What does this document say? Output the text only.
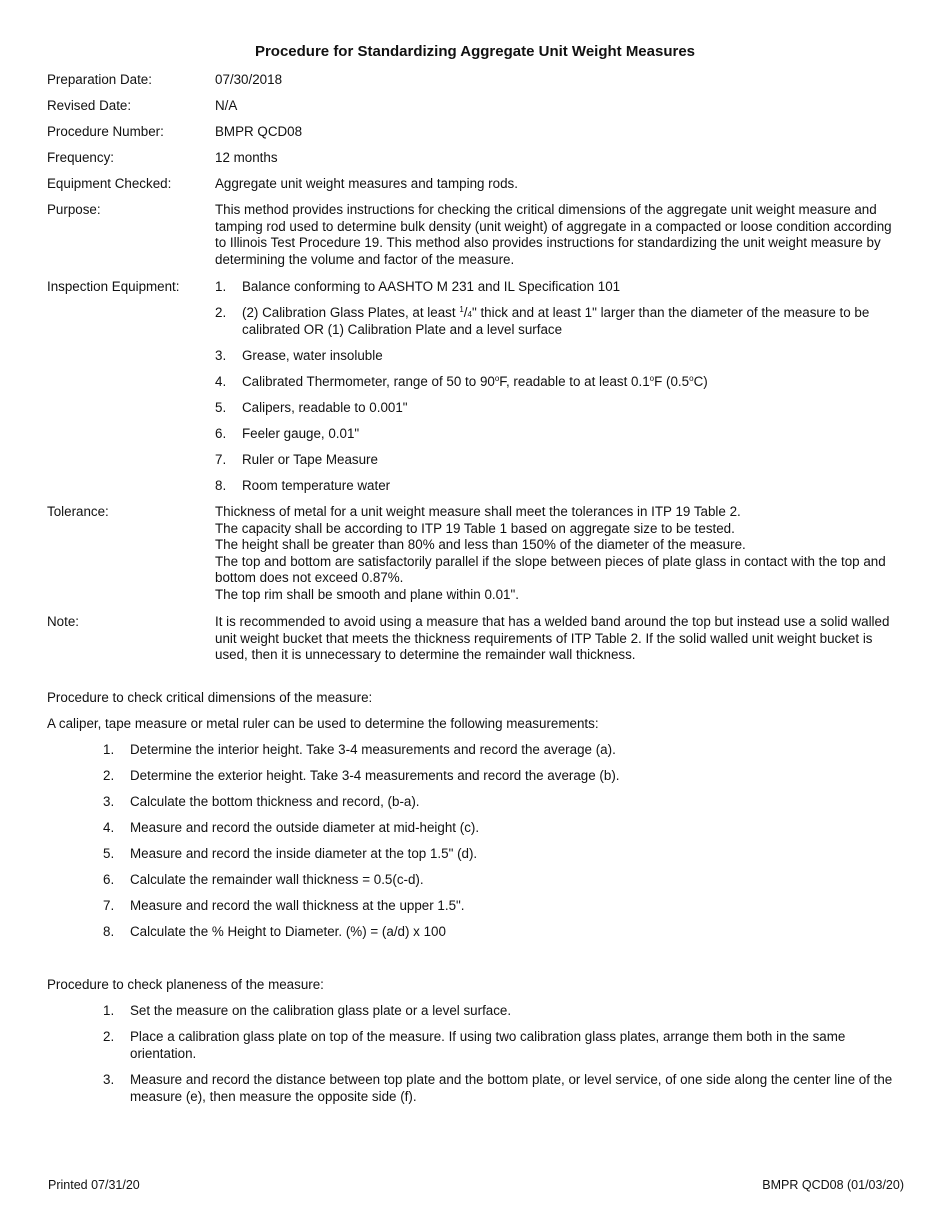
Procedure for Standardizing Aggregate Unit Weight Measures
Preparation Date:	07/30/2018
Revised Date:	N/A
Procedure Number:	BMPR QCD08
Frequency:	12 months
Equipment Checked:	Aggregate unit weight measures and tamping rods.
Purpose:	This method provides instructions for checking the critical dimensions of the aggregate unit weight measure and tamping rod used to determine bulk density (unit weight) of aggregate in a compacted or loose condition according to Illinois Test Procedure 19. This method also provides instructions for standardizing the unit weight measure by determining the volume and factor of the measure.
Inspection Equipment:	1. Balance conforming to AASHTO M 231 and IL Specification 101
2. (2) Calibration Glass Plates, at least $^1$/4" thick and at least 1" larger than the diameter of the measure to be calibrated OR (1) Calibration Plate and a level surface
3. Grease, water insoluble
4. Calibrated Thermometer, range of 50 to 90$^o$F, readable to at least 0.1$^o$F (0.5$^o$C)
5. Calipers, readable to 0.001"
6. Feeler gauge, 0.01"
7. Ruler or Tape Measure
8. Room temperature water
Tolerance:	Thickness of metal for a unit weight measure shall meet the tolerances in ITP 19 Table 2.
The capacity shall be according to ITP 19 Table 1 based on aggregate size to be tested.
The height shall be greater than 80% and less than 150% of the diameter of the measure.
The top and bottom are satisfactorily parallel if the slope between pieces of plate glass in contact with the top and bottom does not exceed 0.87%.
The top rim shall be smooth and plane within 0.01".
Note:	It is recommended to avoid using a measure that has a welded band around the top but instead use a solid walled unit weight bucket that meets the thickness requirements of ITP Table 2. If the solid walled unit weight bucket is used, then it is unnecessary to determine the remainder wall thickness.
Procedure to check critical dimensions of the measure:
A caliper, tape measure or metal ruler can be used to determine the following measurements:
1. Determine the interior height. Take 3-4 measurements and record the average (a).
2. Determine the exterior height. Take 3-4 measurements and record the average (b).
3. Calculate the bottom thickness and record, (b-a).
4. Measure and record the outside diameter at mid-height (c).
5. Measure and record the inside diameter at the top 1.5" (d).
6. Calculate the remainder wall thickness = 0.5(c-d).
7. Measure and record the wall thickness at the upper 1.5".
8. Calculate the % Height to Diameter. (%) = (a/d) x 100
Procedure to check planeness of the measure:
1. Set the measure on the calibration glass plate or a level surface.
2. Place a calibration glass plate on top of the measure. If using two calibration glass plates, arrange them both in the same orientation.
3. Measure and record the distance between top plate and the bottom plate, or level service, of one side along the center line of the measure (e), then measure the opposite side (f).
Printed 07/31/20	BMPR QCD08 (01/03/20)
